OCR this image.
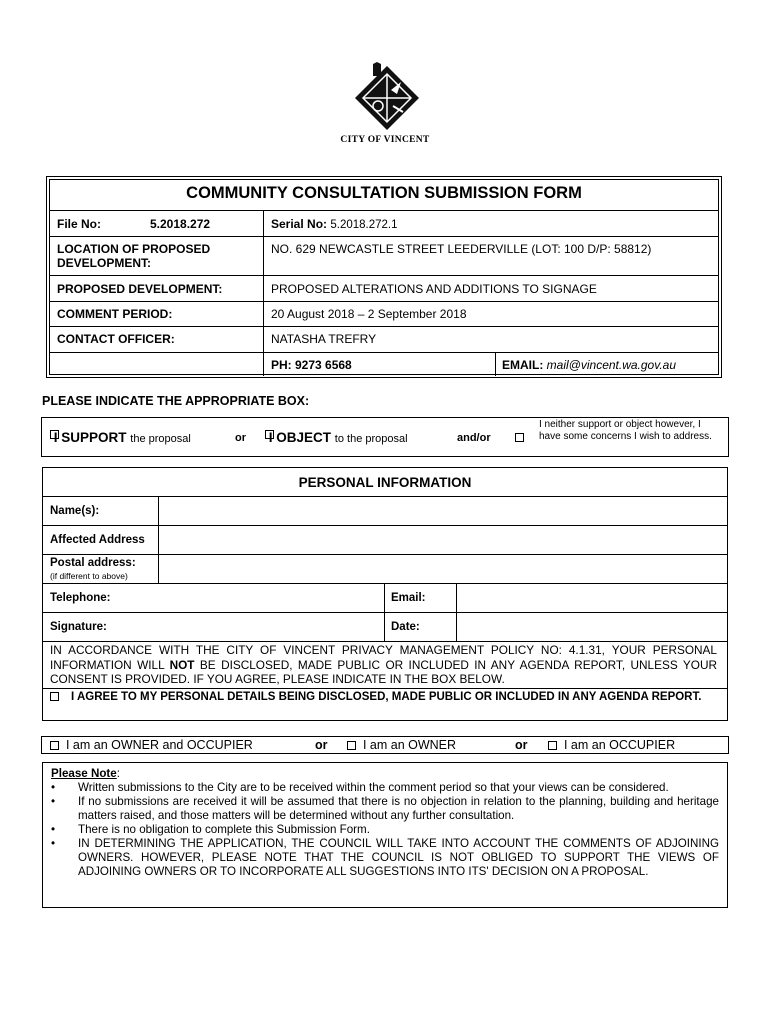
CITY OF VINCENT
COMMUNITY CONSULTATION SUBMISSION FORM
File No:	5.2018.272	Serial No: 5.2018.272.1
LOCATION OF PROPOSED DEVELOPMENT:
NO. 629 NEWCASTLE STREET LEEDERVILLE (LOT: 100 D/P: 58812)
PROPOSED DEVELOPMENT:	PROPOSED ALTERATIONS AND ADDITIONS TO SIGNAGE
COMMENT PERIOD:	20 August 2018 – 2 September 2018
CONTACT OFFICER:	NATASHA TREFRY
PH: 9273 6568	EMAIL: mail@vincent.wa.gov.au
PLEASE INDICATE THE APPROPRIATE BOX:
I SUPPORT the proposal	or I OBJECT to the proposal	and/or
I neither support or object however, I have some concerns I wish to address.
PERSONAL INFORMATION
Name(s):
Affected Address
Postal address:
(if different to above)
Telephone:	Email:
Signature:	Date:
IN ACCORDANCE WITH THE CITY OF VINCENT PRIVACY MANAGEMENT POLICY NO: 4.1.31, YOUR PERSONAL INFORMATION WILL NOT BE DISCLOSED, MADE PUBLIC OR INCLUDED IN ANY AGENDA REPORT, UNLESS YOUR CONSENT IS PROVIDED. IF YOU AGREE, PLEASE INDICATE IN THE BOX BELOW.
I AGREE TO MY PERSONAL DETAILS BEING DISCLOSED, MADE PUBLIC OR INCLUDED IN ANY AGENDA REPORT.
I am an OWNER and OCCUPIER	or	I am an OWNER	or	I am an OCCUPIER
Please Note:
• Written submissions to the City are to be received within the comment period so that your views can be considered.
• If no submissions are received it will be assumed that there is no objection in relation to the planning, building and heritage matters raised, and those matters will be determined without any further consultation.
• There is no obligation to complete this Submission Form.
• IN DETERMINING THE APPLICATION, THE COUNCIL WILL TAKE INTO ACCOUNT THE COMMENTS OF ADJOINING OWNERS. HOWEVER, PLEASE NOTE THAT THE COUNCIL IS NOT OBLIGED TO SUPPORT THE VIEWS OF ADJOINING OWNERS OR TO INCORPORATE ALL SUGGESTIONS INTO ITS' DECISION ON A PROPOSAL.
